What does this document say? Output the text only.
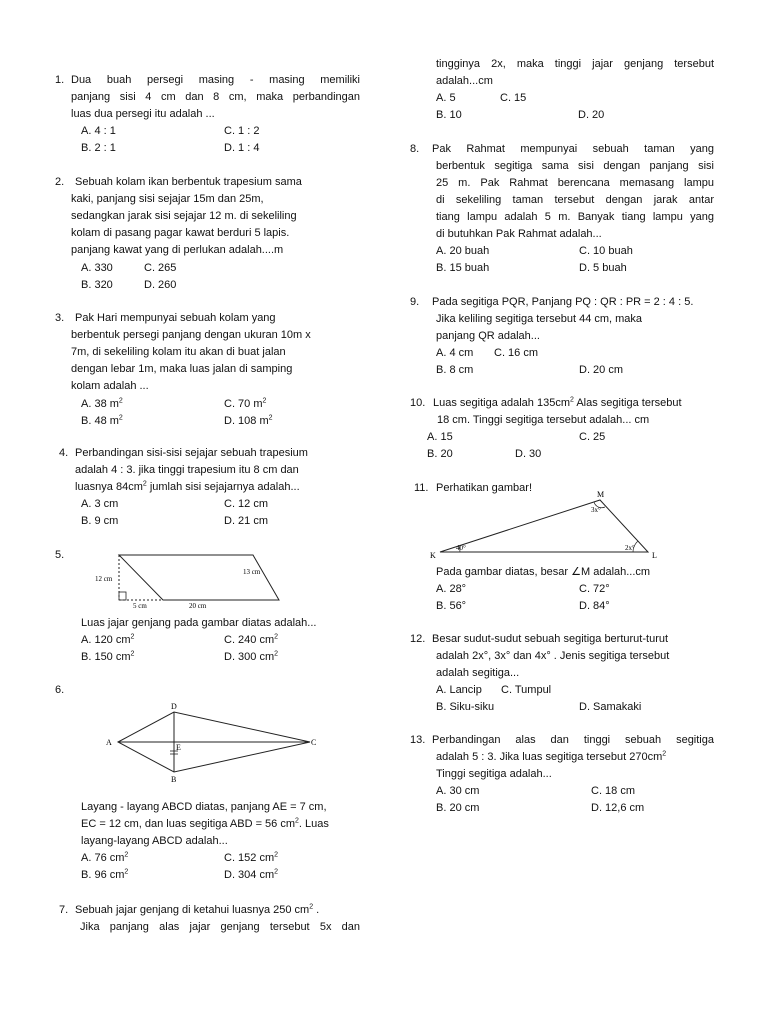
1. Dua buah persegi masing - masing memiliki
panjang sisi 4 cm dan 8 cm, maka perbandingan
luas dua persegi itu adalah ...
A. 4 : 1	C. 1 : 2
B. 2 : 1	D. 1 : 4
2. Sebuah kolam ikan berbentuk trapesium sama
kaki, panjang sisi sejajar 15m dan 25m,
sedangkan jarak sisi sejajar 12 m. di sekeliling
kolam di pasang pagar kawat berduri 5 lapis.
panjang kawat yang di perlukan adalah....m
A. 330	C. 265
B. 320	D. 260
3. Pak Hari mempunyai sebuah kolam yang
berbentuk persegi panjang dengan ukuran 10m x
7m, di sekeliling kolam itu akan di buat jalan
dengan lebar 1m, maka luas jalan di samping
kolam adalah ...
A. 38 $m^2$	C. 70 $m^2$
B. 48 $m^2$	D. 108 $m^2$
4. Perbandingan sisi-sisi sejajar sebuah trapesium
adalah 4 : 3. jika tinggi trapesium itu 8 cm dan
luasnya $84cm^2$ jumlah sisi sejajarnya adalah...
A. 3 cm	C. 12 cm
B. 9 cm	D. 21 cm
5.
12 cm
13 cm
5 cm	20 cm
Luas jajar genjang pada gambar diatas adalah...
A. 120 $cm^2$	C. 240 $cm^2$
B. 150 $cm^2$	D. 300 $cm^2$
6.
A
B
C
D
E
Layang - layang ABCD diatas, panjang AE = 7 cm,
EC = 12 cm, dan luas segitiga ABD = 56 $cm^2$. Luas
layang-layang ABCD adalah...
A. 76 $cm^2$	C. 152 $cm^2$
B. 96 $cm^2$	D. 304 $cm^2$
7. Sebuah jajar genjang di ketahui luasnya 250 $cm^2$ .
Jika panjang alas jajar genjang tersebut 5x dan
tingginya 2x, maka tinggi jajar genjang tersebut
adalah...cm
A. 5	C. 15
B. 10	D. 20
8. Pak Rahmat mempunyai sebuah taman yang
berbentuk segitiga sama sisi dengan panjang sisi
25 m. Pak Rahmat berencana memasang lampu
di sekeliling taman tersebut dengan jarak antar
tiang lampu adalah 5 m. Banyak tiang lampu yang
di butuhkan Pak Rahmat adalah...
A. 20 buah	C. 10 buah
B. 15 buah	D. 5 buah
9. Pada segitiga PQR, Panjang PQ : QR : PR = 2 : 4 : 5.
Jika keliling segitiga tersebut 44 cm, maka
panjang QR adalah...
A. 4 cm C. 16 cm
B. 8 cm	D. 20 cm
10. Luas segitiga adalah $135cm^2$ Alas segitiga tersebut
18 cm. Tinggi segitiga tersebut adalah... cm
A. 15	C. 25
B. 20	D. 30
11. Perhatikan gambar!
M
K	L
3x°
40°	2x°
Pada gambar diatas, besar ∠M adalah...cm
A. 28°	C. 72°
B. 56°	D. 84°
12. Besar sudut-sudut sebuah segitiga berturut-turut
adalah 2x°, 3x° dan 4x° . Jenis segitiga tersebut
adalah segitiga...
A. Lancip C. Tumpul
B. Siku-siku	D. Samakaki
13. Perbandingan alas dan tinggi sebuah segitiga
adalah 5 : 3. Jika luas segitiga tersebut $270cm^2$
Tinggi segitiga adalah...
A. 30 cm	C. 18 cm
B. 20 cm	D. 12,6 cm
